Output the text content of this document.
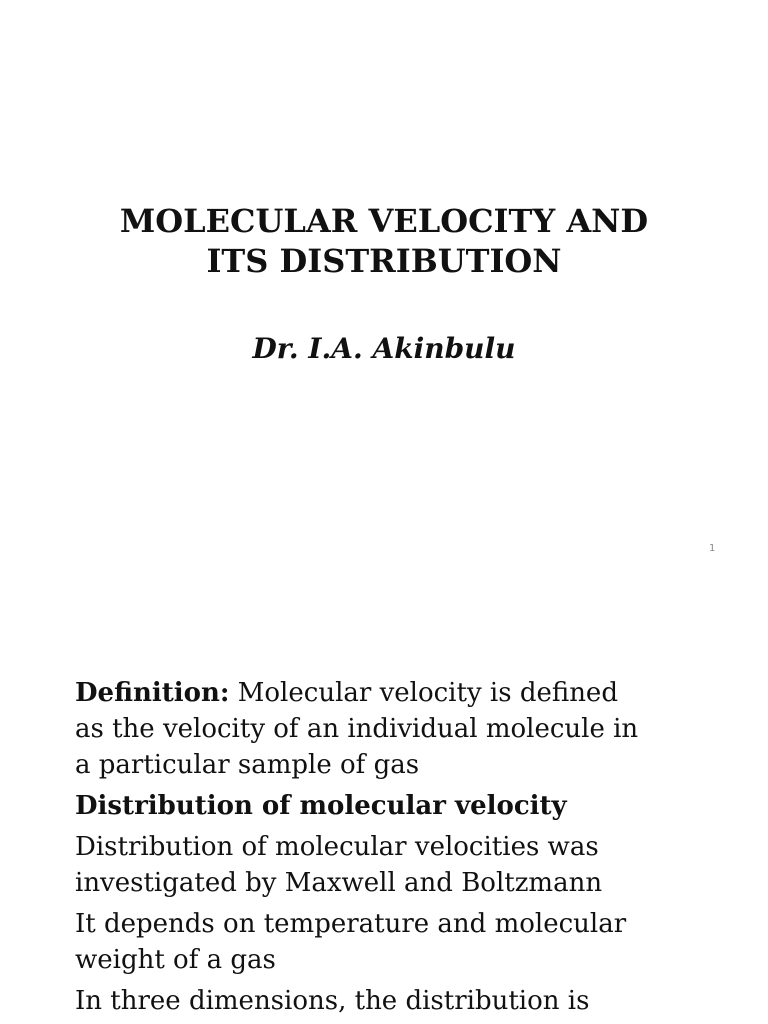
MOLECULAR VELOCITY AND
ITS DISTRIBUTION

Dr. I.A. Akinbulu

1

Definition: Molecular velocity is defined
as the velocity of an individual molecule in
a particular sample of gas

Distribution of molecular velocity

Distribution of molecular velocities was
investigated by Maxwell and Boltzmann

It depends on temperature and molecular
weight of a gas

In three dimensions, the distribution is
